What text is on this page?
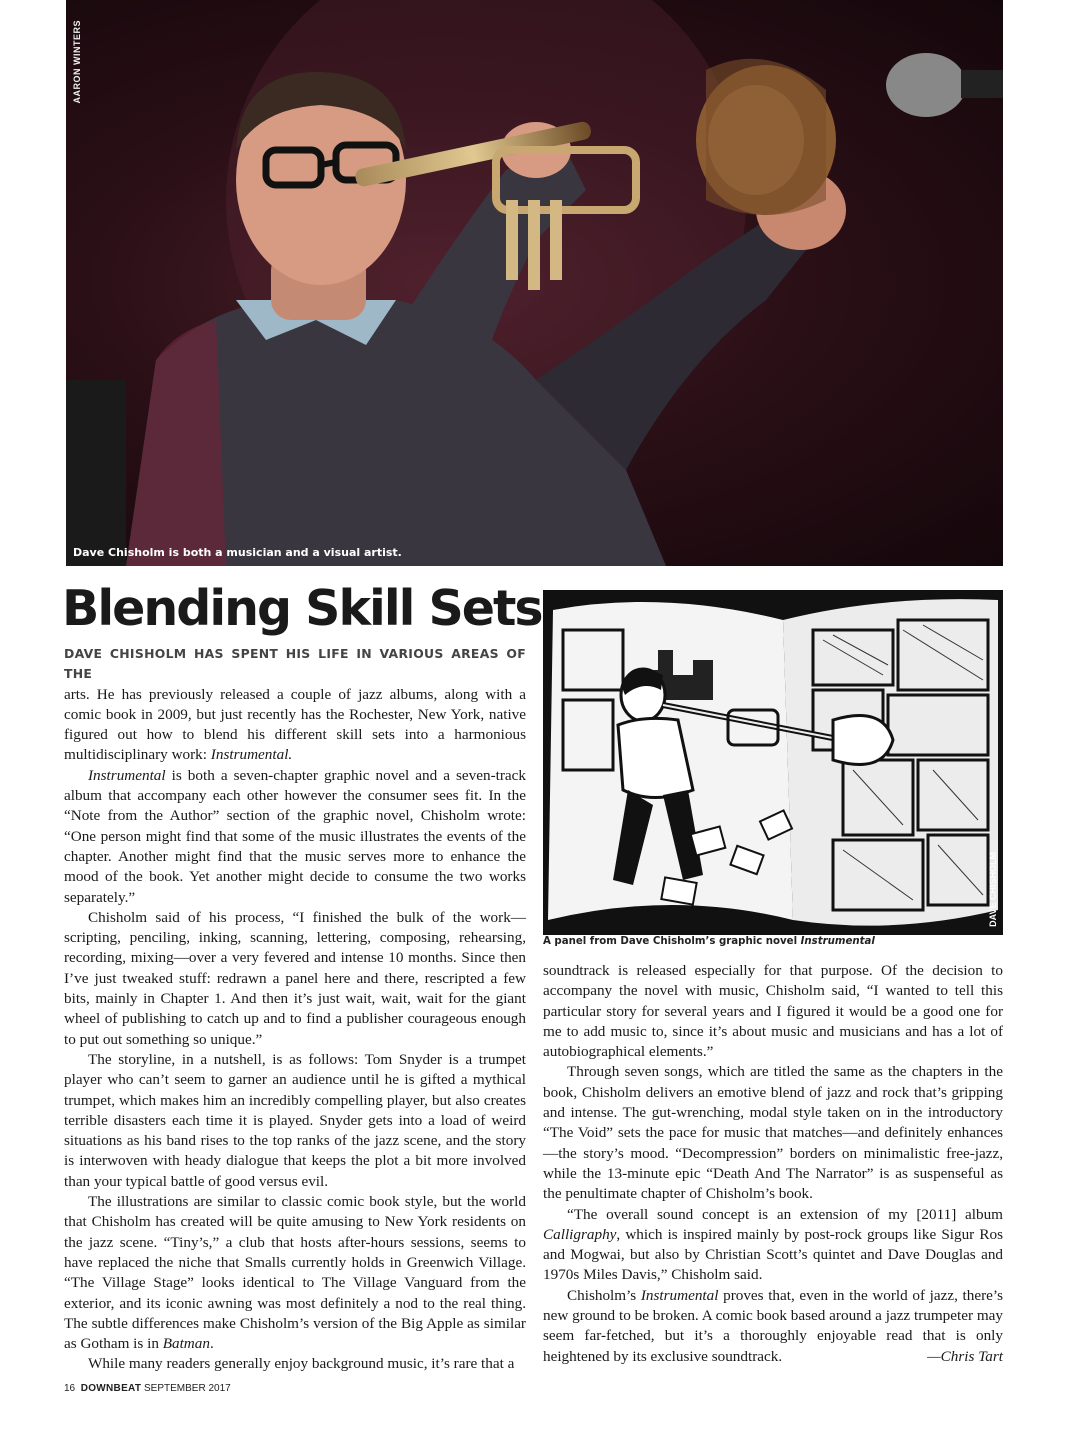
AARON WINTERS
Dave Chisholm is both a musician and a visual artist.
Blending Skill Sets

DAVE CHISHOLM HAS SPENT HIS LIFE IN VARIOUS AREAS OF THE
arts. He has previously released a couple of jazz albums, along with a comic book in 2009, but just recently has the Rochester, New York, native figured out how to blend his different skill sets into a harmonious multidisciplinary work: Instrumental.

Instrumental is both a seven-chapter graphic novel and a seven-track album that accompany each other however the consumer sees fit. In the “Note from the Author” section of the graphic novel, Chisholm wrote: “One person might find that some of the music illustrates the events of the chapter. Another might find that the music serves more to enhance the mood of the book. Yet another might decide to consume the two works separately.”

Chisholm said of his process, “I finished the bulk of the work—scripting, penciling, inking, scanning, lettering, composing, rehearsing, recording, mixing—over a very fevered and intense 10 months. Since then I’ve just tweaked stuff: redrawn a panel here and there, rescripted a few bits, mainly in Chapter 1. And then it’s just wait, wait, wait for the giant wheel of publishing to catch up and to find a publisher courageous enough to put out something so unique.”

The storyline, in a nutshell, is as follows: Tom Snyder is a trumpet player who can’t seem to garner an audience until he is gifted a mythical trumpet, which makes him an incredibly compelling player, but also creates terrible disasters each time it is played. Snyder gets into a load of weird situations as his band rises to the top ranks of the jazz scene, and the story is interwoven with heady dialogue that keeps the plot a bit more involved than your typical battle of good versus evil.

The illustrations are similar to classic comic book style, but the world that Chisholm has created will be quite amusing to New York residents on the jazz scene. “Tiny’s,” a club that hosts after-hours sessions, seems to have replaced the niche that Smalls currently holds in Greenwich Village. “The Village Stage” looks identical to The Village Vanguard from the exterior, and its iconic awning was most definitely a nod to the real thing. The subtle differences make Chisholm’s version of the Big Apple as similar as Gotham is in Batman.

While many readers generally enjoy background music, it’s rare that a

DAVE CHISHOLM
A panel from Dave Chisholm’s graphic novel Instrumental

soundtrack is released especially for that purpose. Of the decision to accompany the novel with music, Chisholm said, “I wanted to tell this particular story for several years and I figured it would be a good one for me to add music to, since it’s about music and musicians and has a lot of autobiographical elements.”

Through seven songs, which are titled the same as the chapters in the book, Chisholm delivers an emotive blend of jazz and rock that’s gripping and intense. The gut-wrenching, modal style taken on in the introductory “The Void” sets the pace for music that matches—and definitely enhances—the story’s mood. “Decompression” borders on minimalistic free-jazz, while the 13-minute epic “Death And The Narrator” is as suspenseful as the penultimate chapter of Chisholm’s book.

“The overall sound concept is an extension of my [2011] album Calligraphy, which is inspired mainly by post-rock groups like Sigur Ros and Mogwai, but also by Christian Scott’s quintet and Dave Douglas and 1970s Miles Davis,” Chisholm said.

Chisholm’s Instrumental proves that, even in the world of jazz, there’s new ground to be broken. A comic book based around a jazz trumpeter may seem far-fetched, but it’s a thoroughly enjoyable read that is only heightened by its exclusive soundtrack.	—Chris Tart

16 DOWNBEAT SEPTEMBER 2017
